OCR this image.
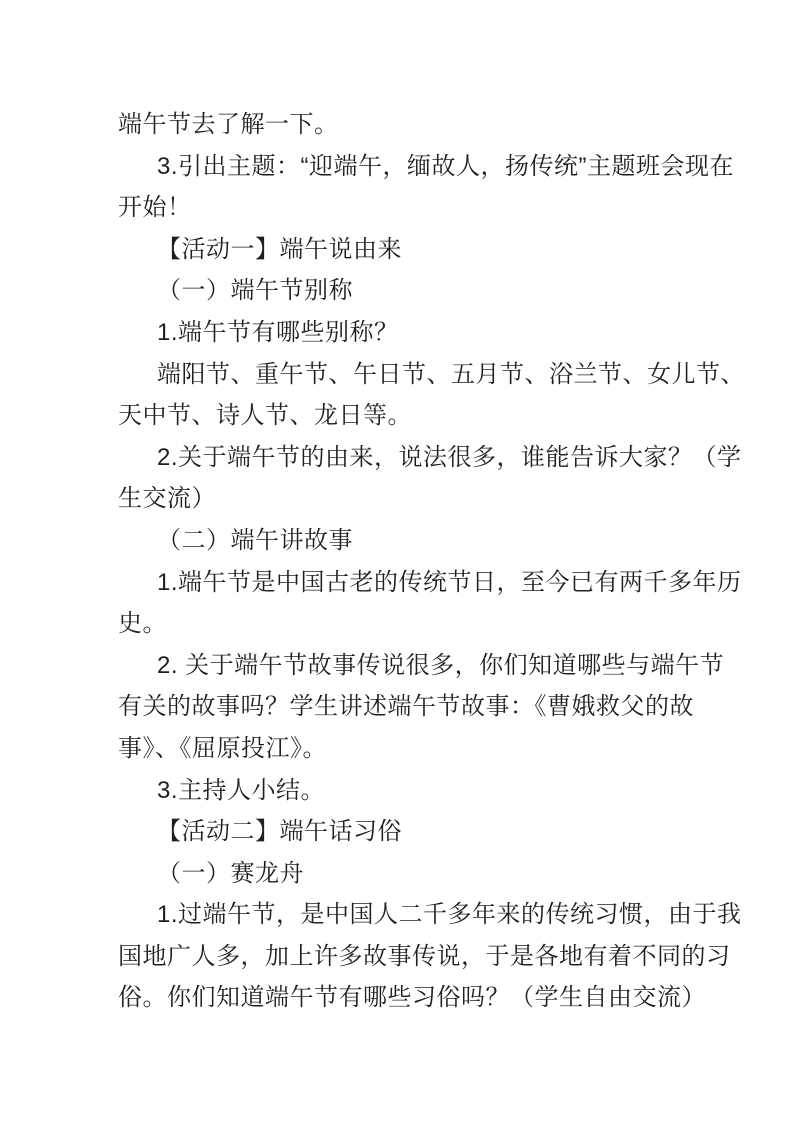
端午节去了解一下。
3.引出主题：“迎端午，缅故人，扬传统”主题班会现在
开始！
【活动一】端午说由来
（一）端午节别称
1.端午节有哪些别称？
端阳节、重午节、午日节、五月节、浴兰节、女儿节、
天中节、诗人节、龙日等。
2.关于端午节的由来，说法很多，谁能告诉大家？（学
生交流）
（二）端午讲故事
1.端午节是中国古老的传统节日，至今已有两千多年历
史。
2. 关于端午节故事传说很多，你们知道哪些与端午节
有关的故事吗？学生讲述端午节故事：《曹娥救父的故
事》、《屈原投江》。
3.主持人小结。
【活动二】端午话习俗
（一）赛龙舟
1.过端午节，是中国人二千多年来的传统习惯，由于我
国地广人多，加上许多故事传说，于是各地有着不同的习
俗。你们知道端午节有哪些习俗吗？（学生自由交流）
